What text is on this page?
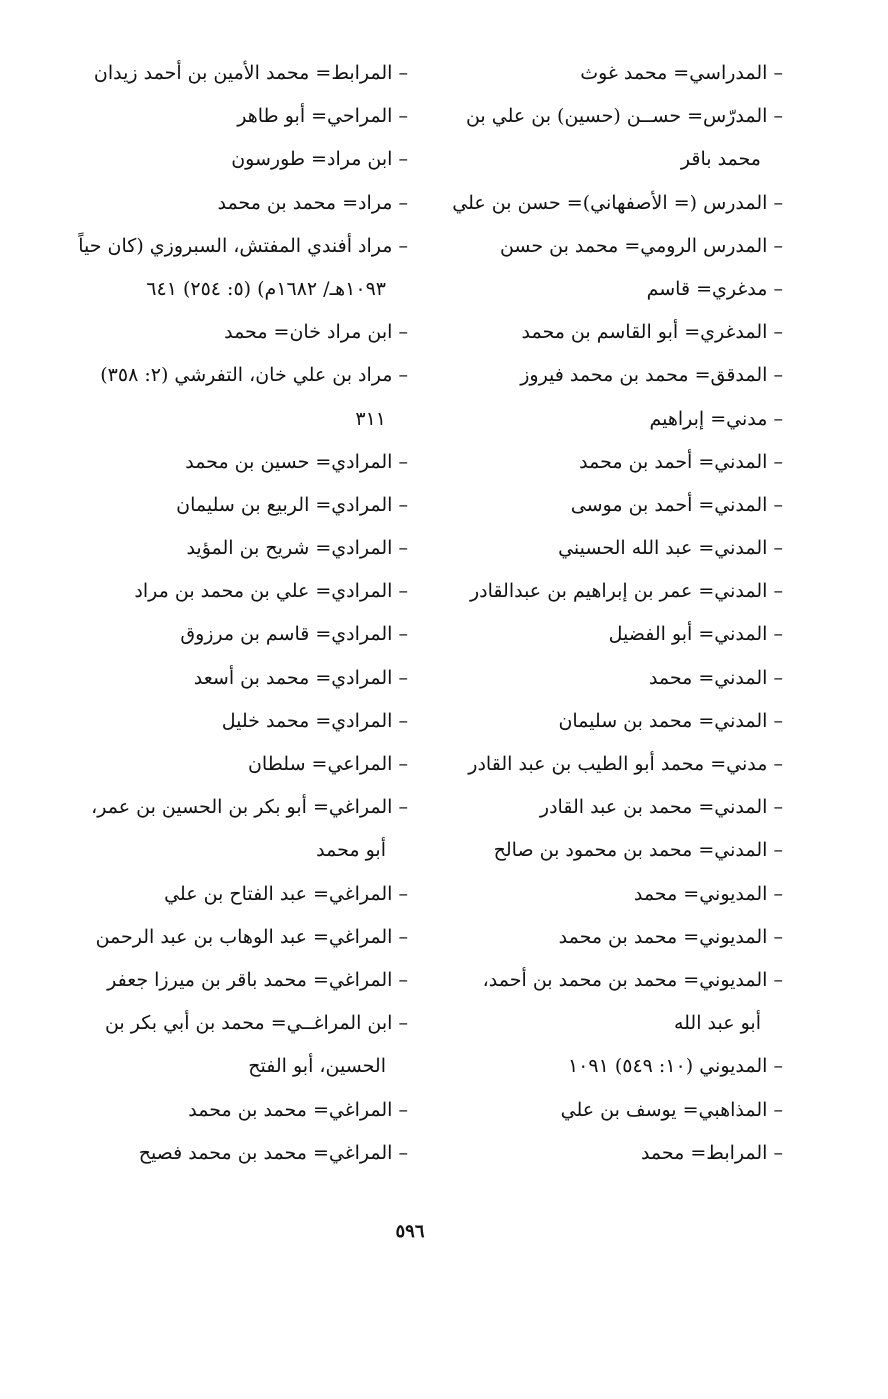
– المدراسي= محمد غوث
– المدرّس= حســن (حسين) بن علي بن
محمد باقر
– المدرس (= الأصفهاني)= حسن بن علي
– المدرس الرومي= محمد بن حسن
– مدغري= قاسم
– المدغري= أبو القاسم بن محمد
– المدقق= محمد بن محمد فيروز
– مدني= إبراهيم
– المدني= أحمد بن محمد
– المدني= أحمد بن موسى
– المدني= عبد الله الحسيني
– المدني= عمر بن إبراهيم بن عبدالقادر
– المدني= أبو الفضيل
– المدني= محمد
– المدني= محمد بن سليمان
– مدني= محمد أبو الطيب بن عبد القادر
– المدني= محمد بن عبد القادر
– المدني= محمد بن محمود بن صالح
– المديوني= محمد
– المديوني= محمد بن محمد
– المديوني= محمد بن محمد بن أحمد،
أبو عبد الله
– المديوني (١٠: ٥٤٩) ١٠٩١
– المذاهبي= يوسف بن علي
– المرابط= محمد
– المرابط= محمد الأمين بن أحمد زيدان
– المراحي= أبو طاهر
– ابن مراد= طورسون
– مراد= محمد بن محمد
– مراد أفندي المفتش، السبروزي (كان حياً
١٠٩٣هـ/ ١٦٨٢م) (٥: ٢٥٤) ٦٤١
– ابن مراد خان= محمد
– مراد بن علي خان، التفرشي (٢: ٣٥٨)
٣١١
– المرادي= حسين بن محمد
– المرادي= الربيع بن سليمان
– المرادي= شريح بن المؤيد
– المرادي= علي بن محمد بن مراد
– المرادي= قاسم بن مرزوق
– المرادي= محمد بن أسعد
– المرادي= محمد خليل
– المراعي= سلطان
– المراغي= أبو بكر بن الحسين بن عمر،
أبو محمد
– المراغي= عبد الفتاح بن علي
– المراغي= عبد الوهاب بن عبد الرحمن
– المراغي= محمد باقر بن ميرزا جعفر
– ابن المراغــي= محمد بن أبي بكر بن
الحسين، أبو الفتح
– المراغي= محمد بن محمد
– المراغي= محمد بن محمد فصيح
٥٩٦
